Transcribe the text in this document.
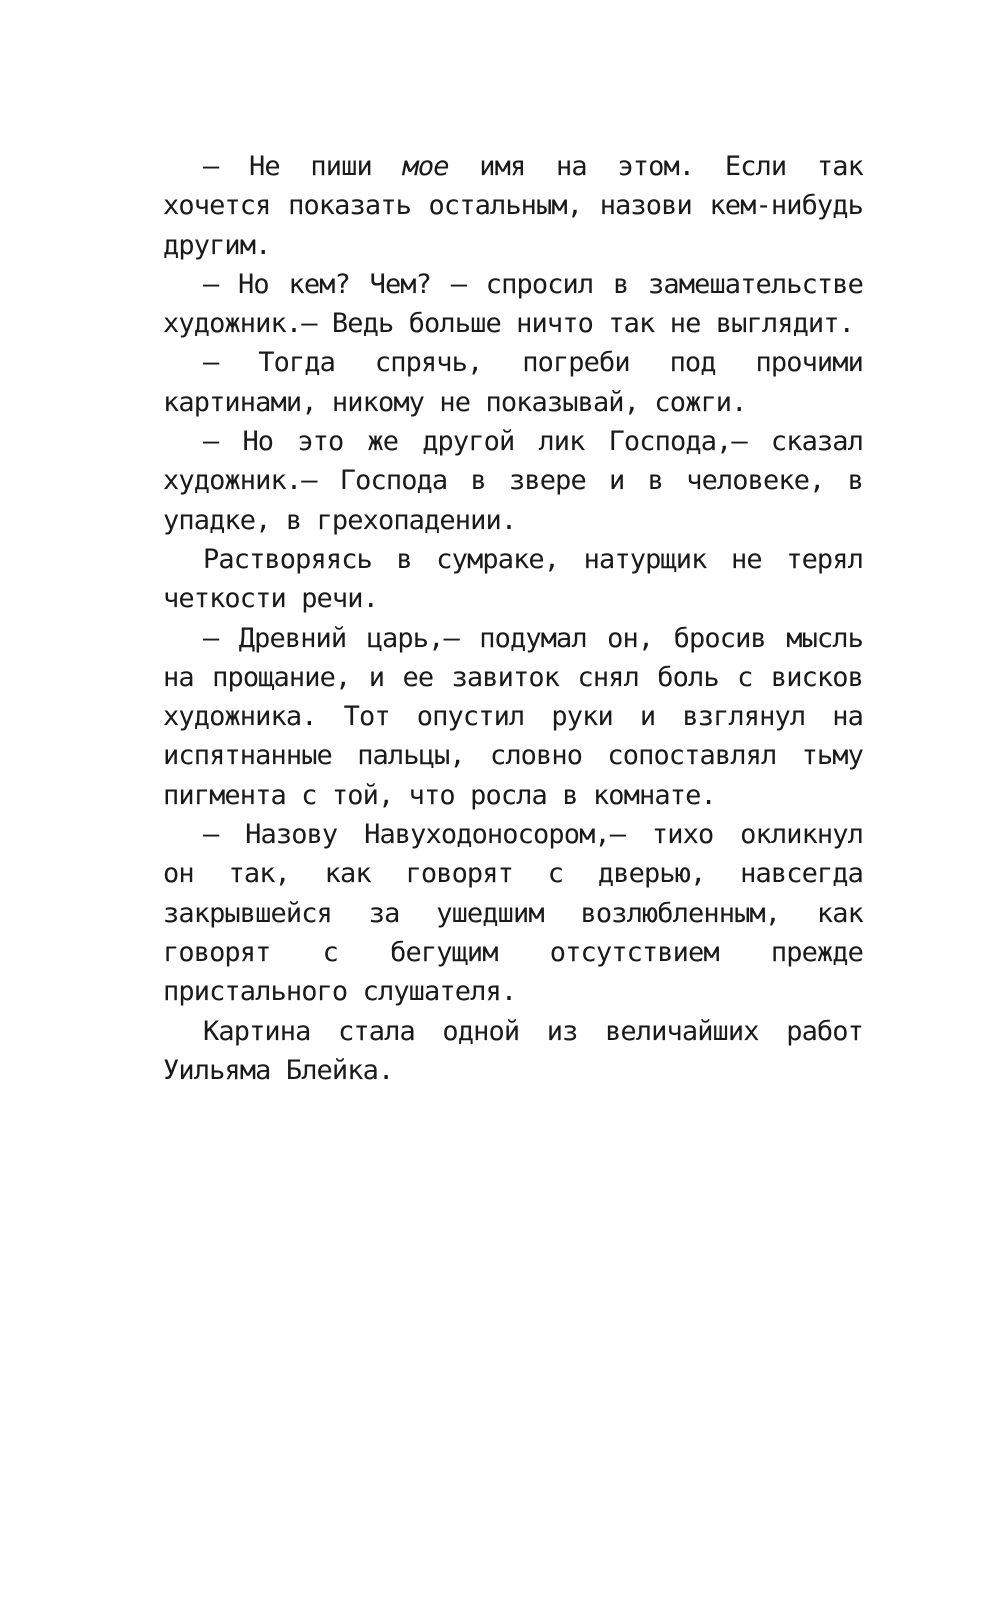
— Не пиши мое имя на этом. Если так хочется показать остальным, назови кем-нибудь другим.

— Но кем? Чем? — спросил в замешательстве художник.— Ведь больше ничто так не выглядит.

— Тогда спрячь, погреби под прочими картинами, никому не показывай, сожги.

— Но это же другой лик Господа,— сказал художник.— Господа в звере и в человеке, в упадке, в грехопадении.

Растворяясь в сумраке, натурщик не терял четкости речи.

— Древний царь,— подумал он, бросив мысль на прощание, и ее завиток снял боль с висков художника. Тот опустил руки и взглянул на испятнанные пальцы, словно сопоставлял тьму пигмента с той, что росла в комнате.

— Назову Навуходоносором,— тихо окликнул он так, как говорят с дверью, навсегда закрывшейся за ушедшим возлюбленным, как говорят с бегущим отсутствием прежде пристального слушателя.

Картина стала одной из величайших работ Уильяма Блейка.
